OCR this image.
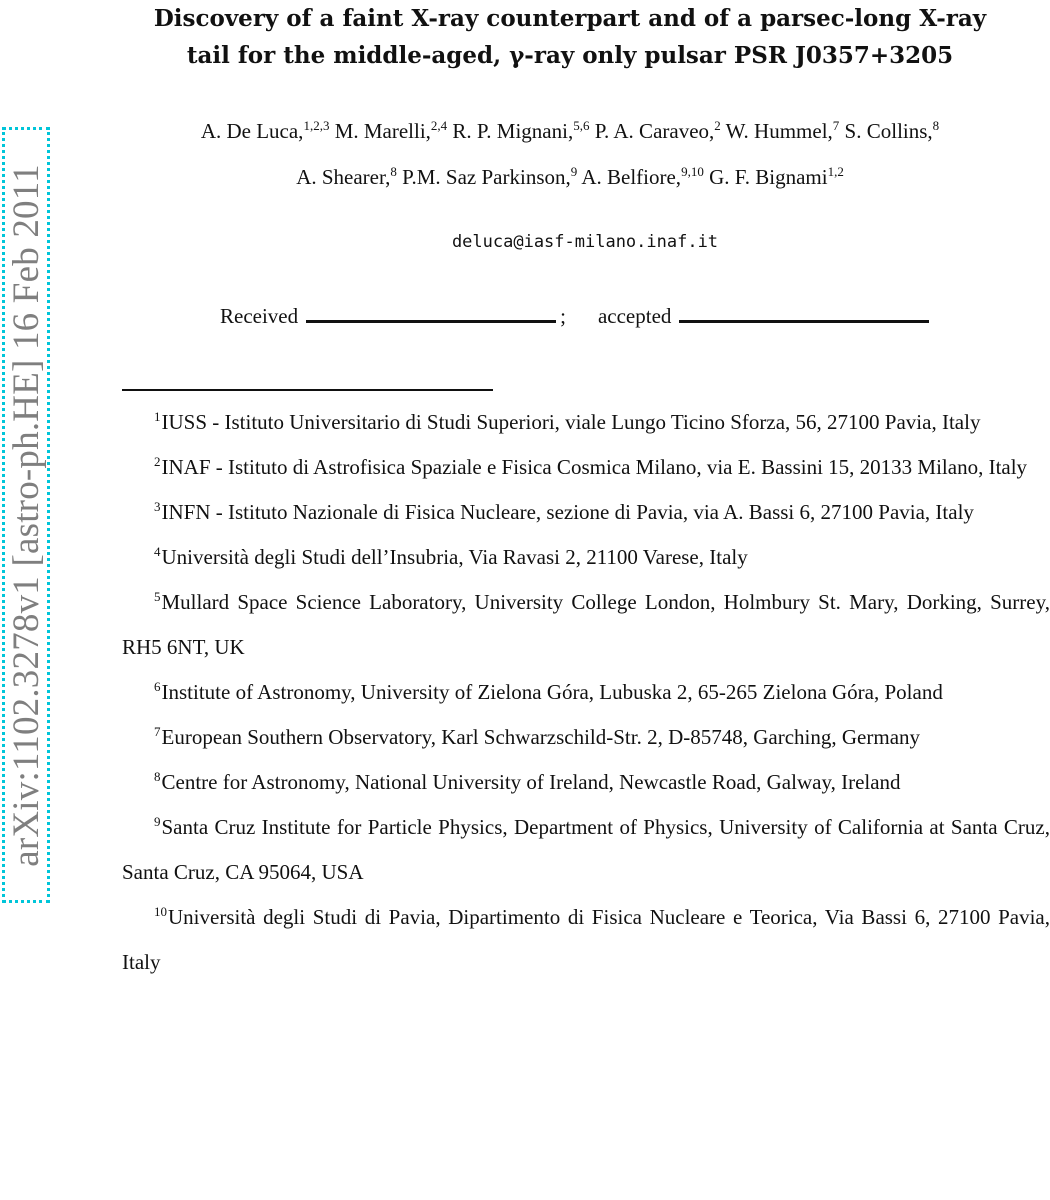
arXiv:1102.3278v1 [astro-ph.HE] 16 Feb 2011
Discovery of a faint X-ray counterpart and of a parsec-long X-ray
tail for the middle-aged, γ-ray only pulsar PSR J0357+3205
A. De Luca,$^{1,2,3}$ M. Marelli,$^{2,4}$ R. P. Mignani,$^{5,6}$ P. A. Caraveo,$^2$ W. Hummel,$^7$ S. Collins,$^8$
A. Shearer,$^8$ P.M. Saz Parkinson,$^9$ A. Belfiore,$^{9,10}$ G. F. Bignami$^{1,2}$
deluca@iasf-milano.inaf.it
Received	; accepted

$^1$IUSS - Istituto Universitario di Studi Superiori, viale Lungo Ticino Sforza, 56, 27100 Pavia, Italy

$^2$INAF - Istituto di Astrofisica Spaziale e Fisica Cosmica Milano, via E. Bassini 15, 20133 Milano, Italy

$^3$INFN - Istituto Nazionale di Fisica Nucleare, sezione di Pavia, via A. Bassi 6, 27100 Pavia, Italy

$^4$Università degli Studi dell’Insubria, Via Ravasi 2, 21100 Varese, Italy

$^5$Mullard Space Science Laboratory, University College London, Holmbury St. Mary, Dorking, Surrey, RH5 6NT, UK

$^6$Institute of Astronomy, University of Zielona Góra, Lubuska 2, 65-265 Zielona Góra, Poland

$^7$European Southern Observatory, Karl Schwarzschild-Str. 2, D-85748, Garching, Germany

$^8$Centre for Astronomy, National University of Ireland, Newcastle Road, Galway, Ireland

$^9$Santa Cruz Institute for Particle Physics, Department of Physics, University of California at Santa Cruz, Santa Cruz, CA 95064, USA

$^{10}$Università degli Studi di Pavia, Dipartimento di Fisica Nucleare e Teorica, Via Bassi 6, 27100 Pavia, Italy
